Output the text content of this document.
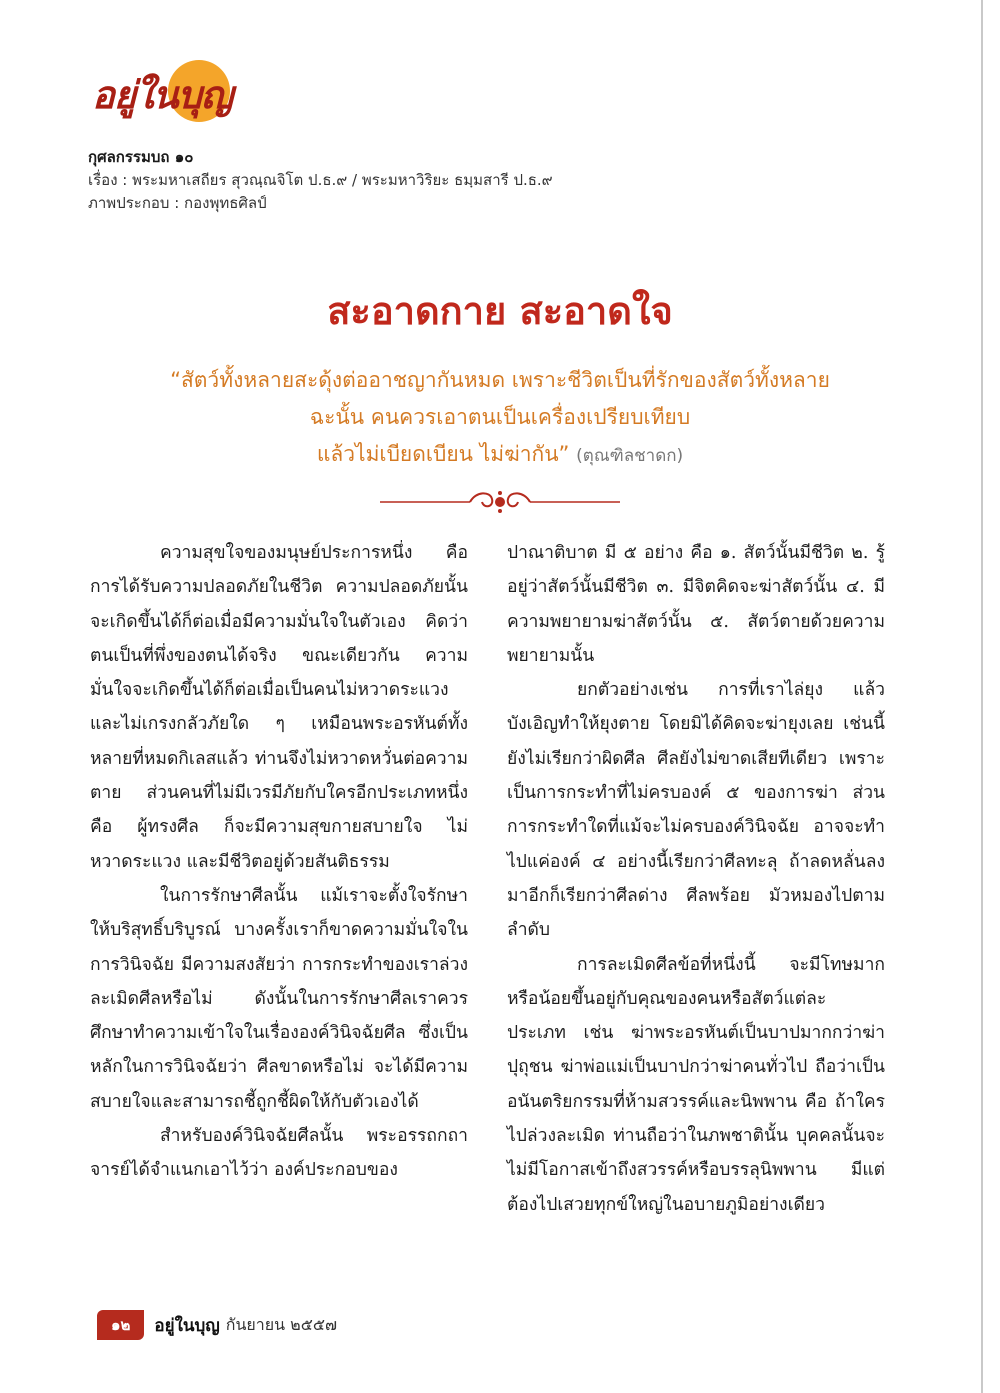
อยู่ในบุญ
กุศลกรรมบถ ๑๐
เรื่อง : พระมหาเสถียร สุวณฺณจิโต ป.ธ.๙ / พระมหาวิริยะ ธมฺมสารี ป.ธ.๙
ภาพประกอบ : กองพุทธศิลป์
สะอาดกาย สะอาดใจ
“สัตว์ทั้งหลายสะดุ้งต่ออาชญากันหมด เพราะชีวิตเป็นที่รักของสัตว์ทั้งหลาย
ฉะนั้น คนควรเอาตนเป็นเครื่องเปรียบเทียบ
แล้วไม่เบียดเบียน ไม่ฆ่ากัน” (ตุณฑิลชาดก)

ความสุขใจของมนุษย์ประการหนึ่ง คือ การได้รับความปลอดภัยในชีวิต ความปลอดภัยนั้นจะเกิดขึ้นได้ก็ต่อเมื่อมีความมั่นใจในตัวเอง คิดว่าตนเป็นที่พึ่งของตนได้จริง ขณะเดียวกัน ความมั่นใจจะเกิดขึ้นได้ก็ต่อเมื่อเป็นคนไม่หวาดระแวงและไม่เกรงกลัวภัยใด ๆ เหมือนพระอรหันต์ทั้งหลายที่หมดกิเลสแล้ว ท่านจึงไม่หวาดหวั่นต่อความตาย ส่วนคนที่ไม่มีเวรมีภัยกับใครอีกประเภทหนึ่ง คือ ผู้ทรงศีล ก็จะมีความสุขกายสบายใจ ไม่หวาดระแวง และมีชีวิตอยู่ด้วยสันติธรรม

ในการรักษาศีลนั้น แม้เราจะตั้งใจรักษาให้บริสุทธิ์บริบูรณ์ บางครั้งเราก็ขาดความมั่นใจในการวินิจฉัย มีความสงสัยว่า การกระทำของเราล่วงละเมิดศีลหรือไม่ ดังนั้นในการรักษาศีลเราควรศึกษาทำความเข้าใจในเรื่ององค์วินิจฉัยศีล ซึ่งเป็นหลักในการวินิจฉัยว่า ศีลขาดหรือไม่ จะได้มีความสบายใจและสามารถชี้ถูกชี้ผิดให้กับตัวเองได้

สำหรับองค์วินิจฉัยศีลนั้น พระอรรถกถาจารย์ได้จำแนกเอาไว้ว่า องค์ประกอบของ

ปาณาติบาต มี ๕ อย่าง คือ ๑. สัตว์นั้นมีชีวิต ๒. รู้อยู่ว่าสัตว์นั้นมีชีวิต ๓. มีจิตคิดจะฆ่าสัตว์นั้น ๔. มีความพยายามฆ่าสัตว์นั้น ๕. สัตว์ตายด้วยความพยายามนั้น

ยกตัวอย่างเช่น การที่เราไล่ยุง แล้วบังเอิญทำให้ยุงตาย โดยมิได้คิดจะฆ่ายุงเลย เช่นนี้ยังไม่เรียกว่าผิดศีล ศีลยังไม่ขาดเสียทีเดียว เพราะเป็นการกระทำที่ไม่ครบองค์ ๕ ของการฆ่า ส่วนการกระทำใดที่แม้จะไม่ครบองค์วินิจฉัย อาจจะทำไปแค่องค์ ๔ อย่างนี้เรียกว่าศีลทะลุ ถ้าลดหลั่นลงมาอีกก็เรียกว่าศีลด่าง ศีลพร้อย มัวหมองไปตามลำดับ

การละเมิดศีลข้อที่หนึ่งนี้ จะมีโทษมากหรือน้อยขึ้นอยู่กับคุณของคนหรือสัตว์แต่ละประเภท เช่น ฆ่าพระอรหันต์เป็นบาปมากกว่าฆ่าปุถุชน ฆ่าพ่อแม่เป็นบาปกว่าฆ่าคนทั่วไป ถือว่าเป็นอนันตริยกรรมที่ห้ามสวรรค์และนิพพาน คือ ถ้าใครไปล่วงละเมิด ท่านถือว่าในภพชาตินั้น บุคคลนั้นจะไม่มีโอกาสเข้าถึงสวรรค์หรือบรรลุนิพพาน มีแต่ต้องไปเสวยทุกข์ใหญ่ในอบายภูมิอย่างเดียว

๑๒	อยู่ในบุญ กันยายน ๒๕๕๗
